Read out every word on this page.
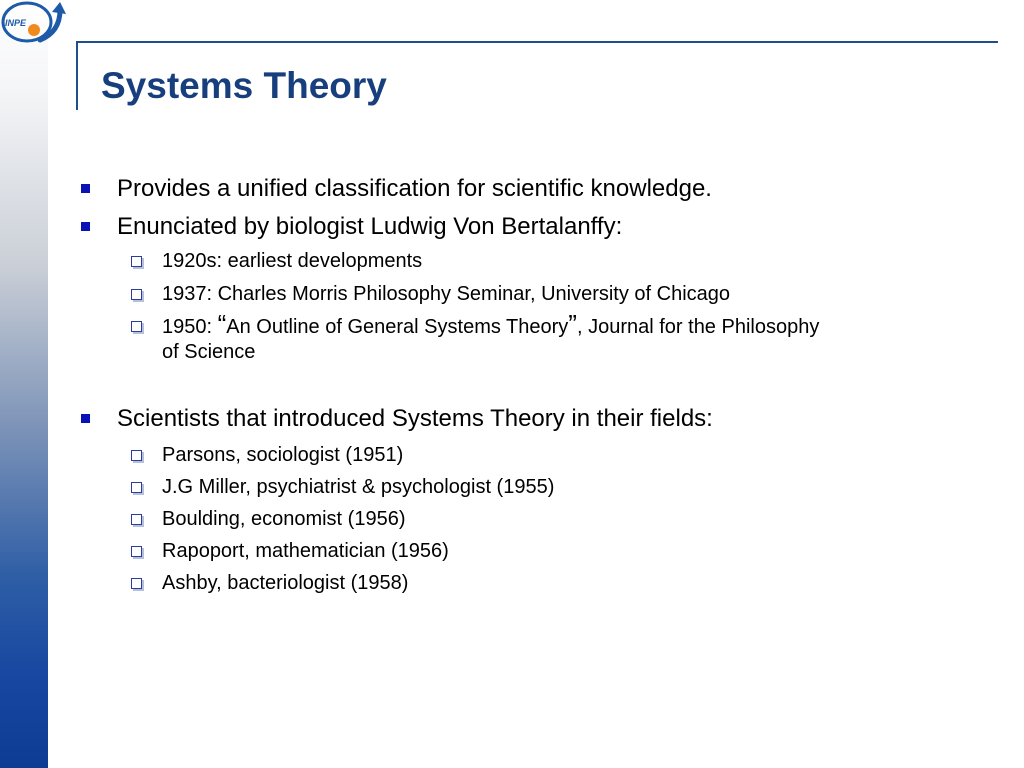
INPE
Systems Theory
Provides a unified classification for scientific knowledge.
Enunciated by biologist Ludwig Von Bertalanffy:
1920s: earliest developments
1937: Charles Morris Philosophy Seminar, University of Chicago
1950: “An Outline of General Systems Theory”, Journal for the Philosophy
of Science
Scientists that introduced Systems Theory in their fields:
Parsons, sociologist (1951)
J.G Miller, psychiatrist & psychologist (1955)
Boulding, economist (1956)
Rapoport, mathematician (1956)
Ashby, bacteriologist (1958)
